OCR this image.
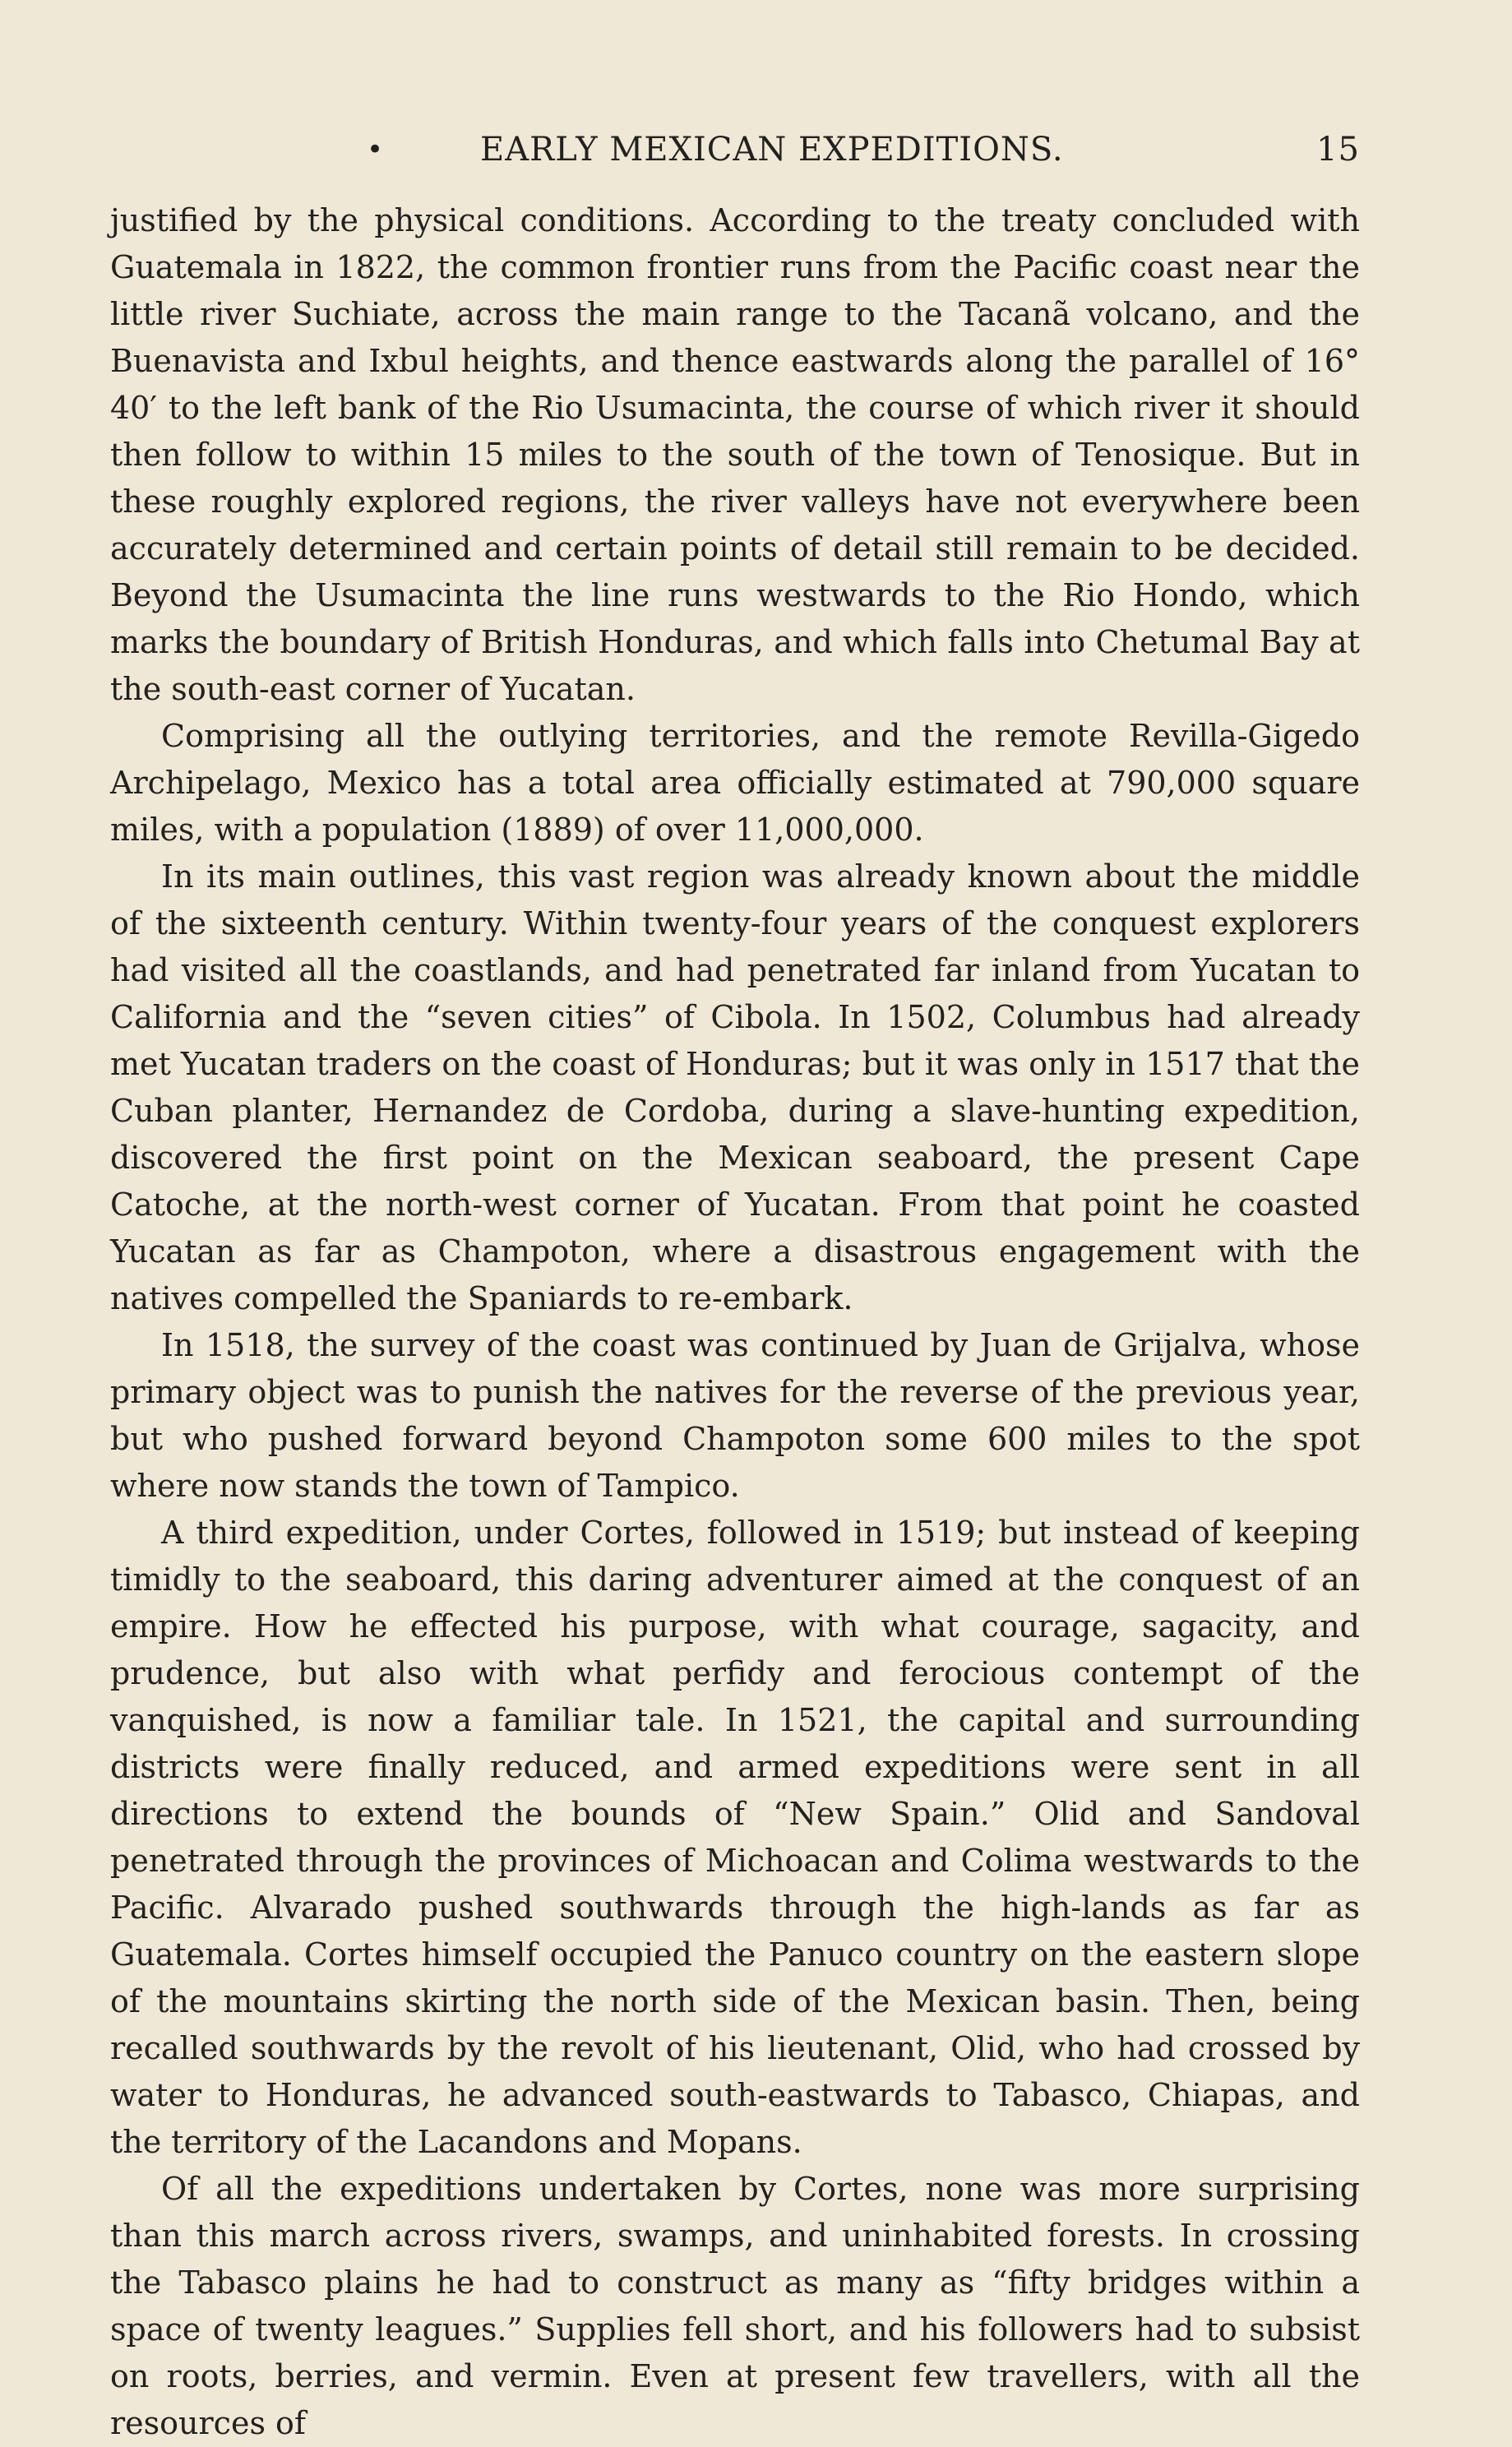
•	EARLY MEXICAN EXPEDITIONS.	15

justified by the physical conditions. According to the treaty concluded with Guatemala in 1822, the common frontier runs from the Pacific coast near the little river Suchiate, across the main range to the Tacanã volcano, and the Buenavista and Ixbul heights, and thence eastwards along the parallel of 16° 40′ to the left bank of the Rio Usumacinta, the course of which river it should then follow to within 15 miles to the south of the town of Tenosique. But in these roughly explored regions, the river valleys have not everywhere been accurately determined and certain points of detail still remain to be decided. Beyond the Usumacinta the line runs westwards to the Rio Hondo, which marks the boundary of British Honduras, and which falls into Chetumal Bay at the south-east corner of Yucatan.

Comprising all the outlying territories, and the remote Revilla-Gigedo Archipelago, Mexico has a total area officially estimated at 790,000 square miles, with a population (1889) of over 11,000,000.

In its main outlines, this vast region was already known about the middle of the sixteenth century. Within twenty-four years of the conquest explorers had visited all the coastlands, and had penetrated far inland from Yucatan to California and the “seven cities” of Cibola. In 1502, Columbus had already met Yucatan traders on the coast of Honduras; but it was only in 1517 that the Cuban planter, Hernandez de Cordoba, during a slave-hunting expedition, discovered the first point on the Mexican seaboard, the present Cape Catoche, at the north-west corner of Yucatan. From that point he coasted Yucatan as far as Champoton, where a disastrous engagement with the natives compelled the Spaniards to re-embark.

In 1518, the survey of the coast was continued by Juan de Grijalva, whose primary object was to punish the natives for the reverse of the previous year, but who pushed forward beyond Champoton some 600 miles to the spot where now stands the town of Tampico.

A third expedition, under Cortes, followed in 1519; but instead of keeping timidly to the seaboard, this daring adventurer aimed at the conquest of an empire. How he effected his purpose, with what courage, sagacity, and prudence, but also with what perfidy and ferocious contempt of the vanquished, is now a familiar tale. In 1521, the capital and surrounding districts were finally reduced, and armed expeditions were sent in all directions to extend the bounds of “New Spain.” Olid and Sandoval penetrated through the provinces of Michoacan and Colima westwards to the Pacific. Alvarado pushed southwards through the high-lands as far as Guatemala. Cortes himself occupied the Panuco country on the eastern slope of the mountains skirting the north side of the Mexican basin. Then, being recalled southwards by the revolt of his lieutenant, Olid, who had crossed by water to Honduras, he advanced south-eastwards to Tabasco, Chiapas, and the territory of the Lacandons and Mopans.

Of all the expeditions undertaken by Cortes, none was more surprising than this march across rivers, swamps, and uninhabited forests. In crossing the Tabasco plains he had to construct as many as “fifty bridges within a space of twenty leagues.” Supplies fell short, and his followers had to subsist on roots, berries, and vermin. Even at present few travellers, with all the resources of
